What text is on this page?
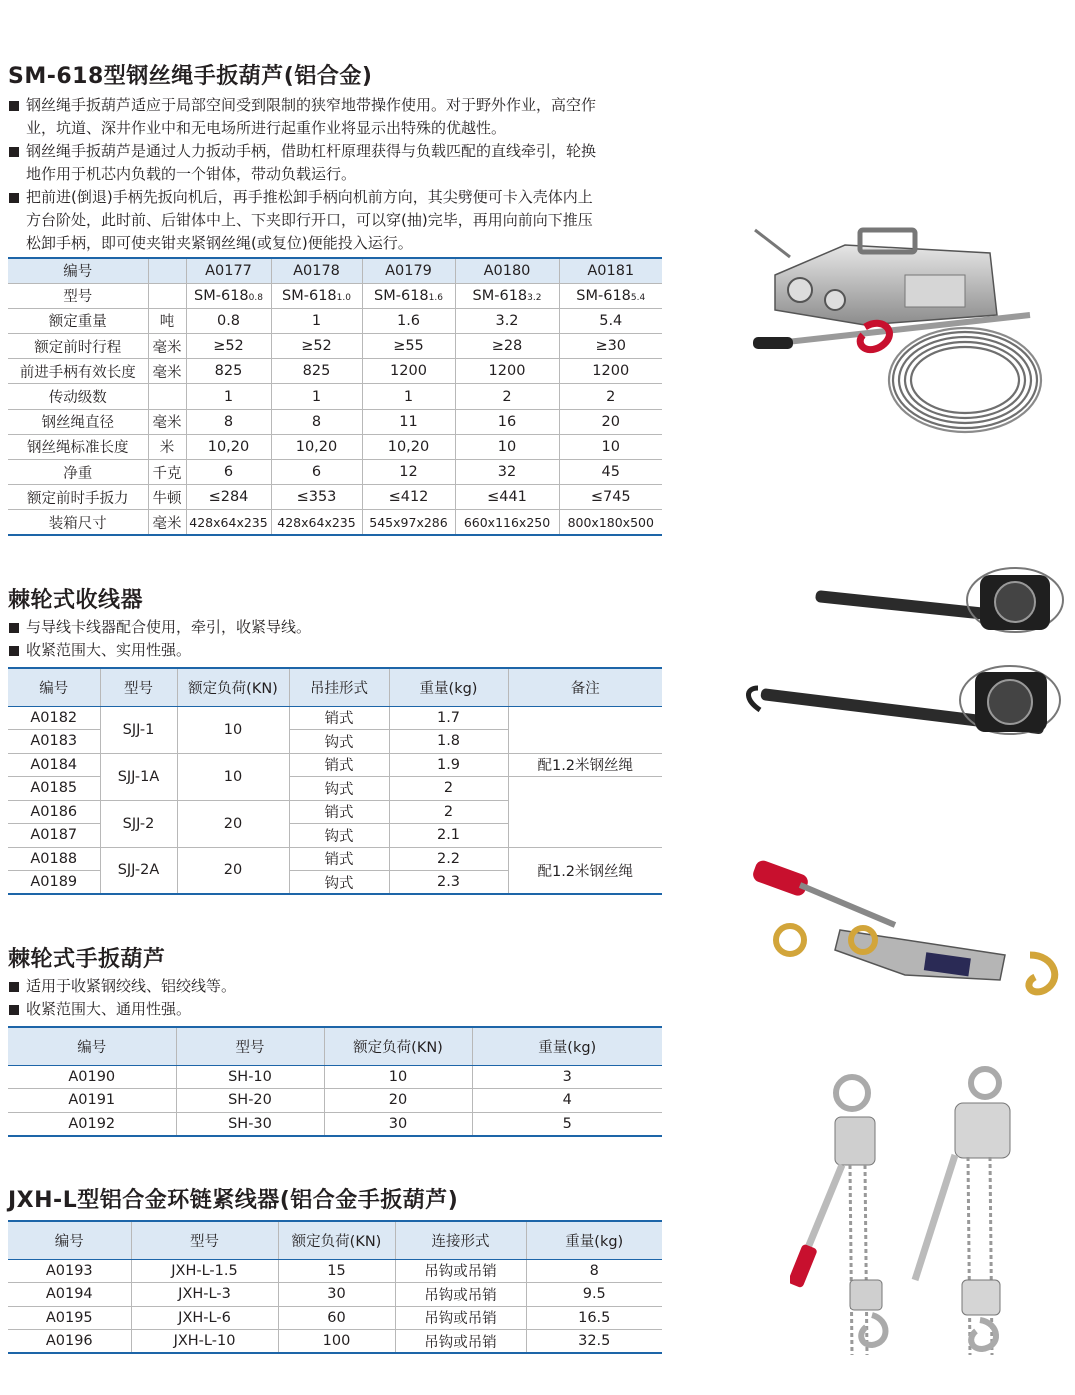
SM-618型钢丝绳手扳葫芦(铝合金)
钢丝绳手扳葫芦适应于局部空间受到限制的狭窄地带操作使用。对于野外作业，高空作
业，坑道、深井作业中和无电场所进行起重作业将显示出特殊的优越性。
钢丝绳手扳葫芦是通过人力扳动手柄，借助杠杆原理获得与负载匹配的直线牵引，轮换
地作用于机芯内负载的一个钳体，带动负载运行。
把前进(倒退)手柄先扳向机后，再手推松卸手柄向机前方向，其尖劈便可卡入壳体内上
方台阶处，此时前、后钳体中上、下夹即行开口，可以穿(抽)完毕，再用向前向下推压
松卸手柄，即可使夹钳夹紧钢丝绳(或复位)便能投入运行。
编号		A0177	A0178	A0179	A0180	A0181
型号		SM-6180.8	SM-6181.0	SM-6181.6	SM-6183.2	SM-6185.4
额定重量	吨	0.8	1	1.6	3.2	5.4
额定前时行程	毫米	≥52	≥52	≥55	≥28	≥30
前进手柄有效长度	毫米	825	825	1200	1200	1200
传动级数		1	1	1	2	2
钢丝绳直径	毫米	8	8	11	16	20
钢丝绳标准长度	米	10,20	10,20	10,20	10	10
净重	千克	6	6	12	32	45
额定前时手扳力	牛顿	≤284	≤353	≤412	≤441	≤745
装箱尺寸	毫米	428x64x235	428x64x235	545x97x286	660x116x250	800x180x500
棘轮式收线器
与导线卡线器配合使用，牵引，收紧导线。
收紧范围大、实用性强。
编号	型号	额定负荷(KN)	吊挂形式	重量(kg)	备注
A0182	SJJ-1	10	销式	1.7	
A0183			钩式	1.8	
A0184	SJJ-1A	10	销式	1.9	配1.2米钢丝绳
A0185			钩式	2	
A0186	SJJ-2	20	销式	2	
A0187			钩式	2.1	
A0188	SJJ-2A	20	销式	2.2	配1.2米钢丝绳
A0189			钩式	2.3	
棘轮式手扳葫芦
适用于收紧钢绞线、铝绞线等。
收紧范围大、通用性强。
编号	型号	额定负荷(KN)	重量(kg)
A0190	SH-10	10	3
A0191	SH-20	20	4
A0192	SH-30	30	5
JXH-L型铝合金环链紧线器(铝合金手扳葫芦)
编号	型号	额定负荷(KN)	连接形式	重量(kg)
A0193	JXH-L-1.5	15	吊钩或吊销	8
A0194	JXH-L-3	30	吊钩或吊销	9.5
A0195	JXH-L-6	60	吊钩或吊销	16.5
A0196	JXH-L-10	100	吊钩或吊销	32.5
